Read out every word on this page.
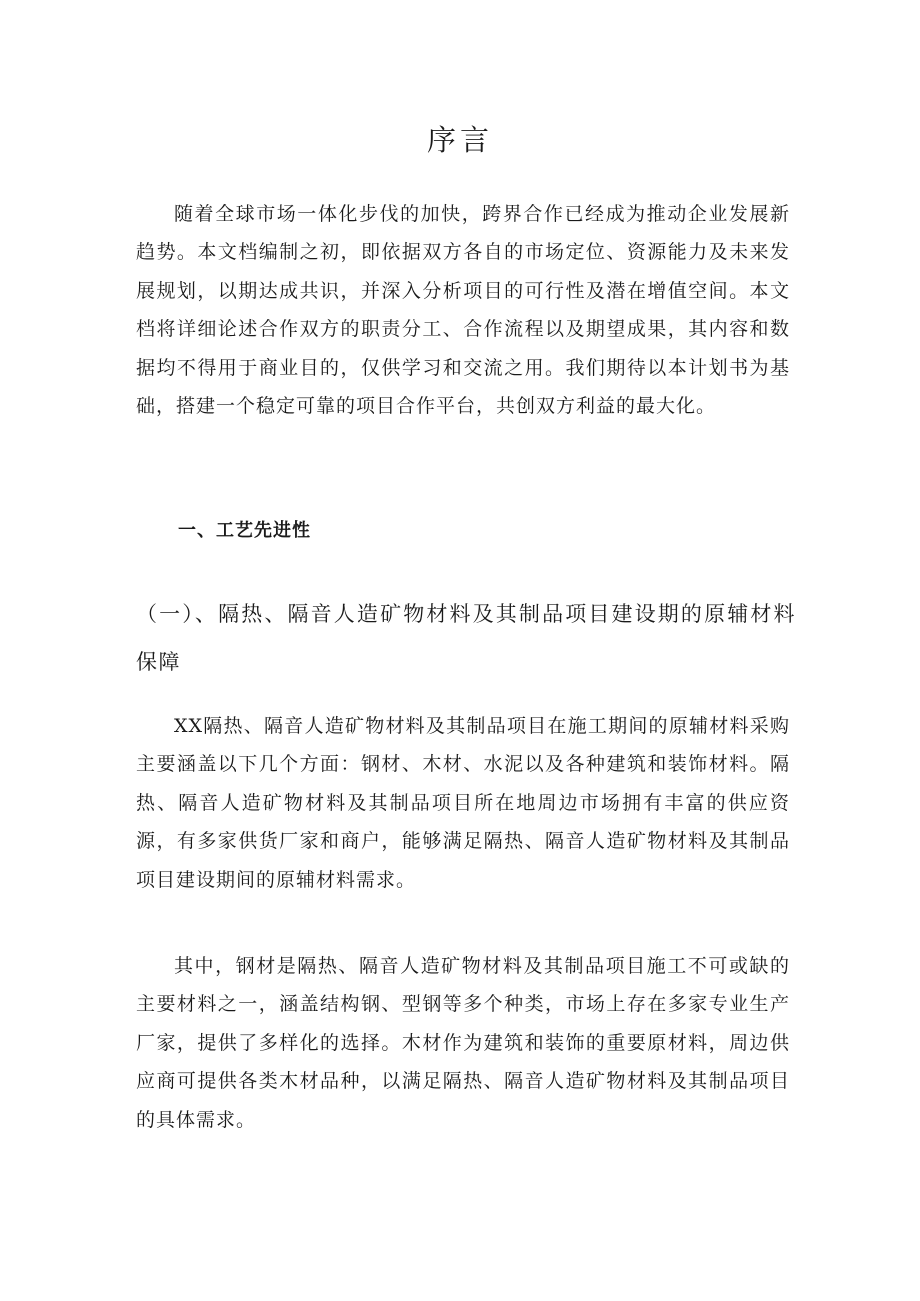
序言

随着全球市场一体化步伐的加快，跨界合作已经成为推动企业发展新趋势。本文档编制之初，即依据双方各自的市场定位、资源能力及未来发展规划，以期达成共识，并深入分析项目的可行性及潜在增值空间。本文档将详细论述合作双方的职责分工、合作流程以及期望成果，其内容和数据均不得用于商业目的，仅供学习和交流之用。我们期待以本计划书为基础，搭建一个稳定可靠的项目合作平台，共创双方利益的最大化。

一、工艺先进性
（一）、隔热、隔音人造矿物材料及其制品项目建设期的原辅材料保障

XX隔热、隔音人造矿物材料及其制品项目在施工期间的原辅材料采购主要涵盖以下几个方面：钢材、木材、水泥以及各种建筑和装饰材料。隔热、隔音人造矿物材料及其制品项目所在地周边市场拥有丰富的供应资源，有多家供货厂家和商户，能够满足隔热、隔音人造矿物材料及其制品项目建设期间的原辅材料需求。

其中，钢材是隔热、隔音人造矿物材料及其制品项目施工不可或缺的主要材料之一，涵盖结构钢、型钢等多个种类，市场上存在多家专业生产厂家，提供了多样化的选择。木材作为建筑和装饰的重要原材料，周边供应商可提供各类木材品种，以满足隔热、隔音人造矿物材料及其制品项目的具体需求。
